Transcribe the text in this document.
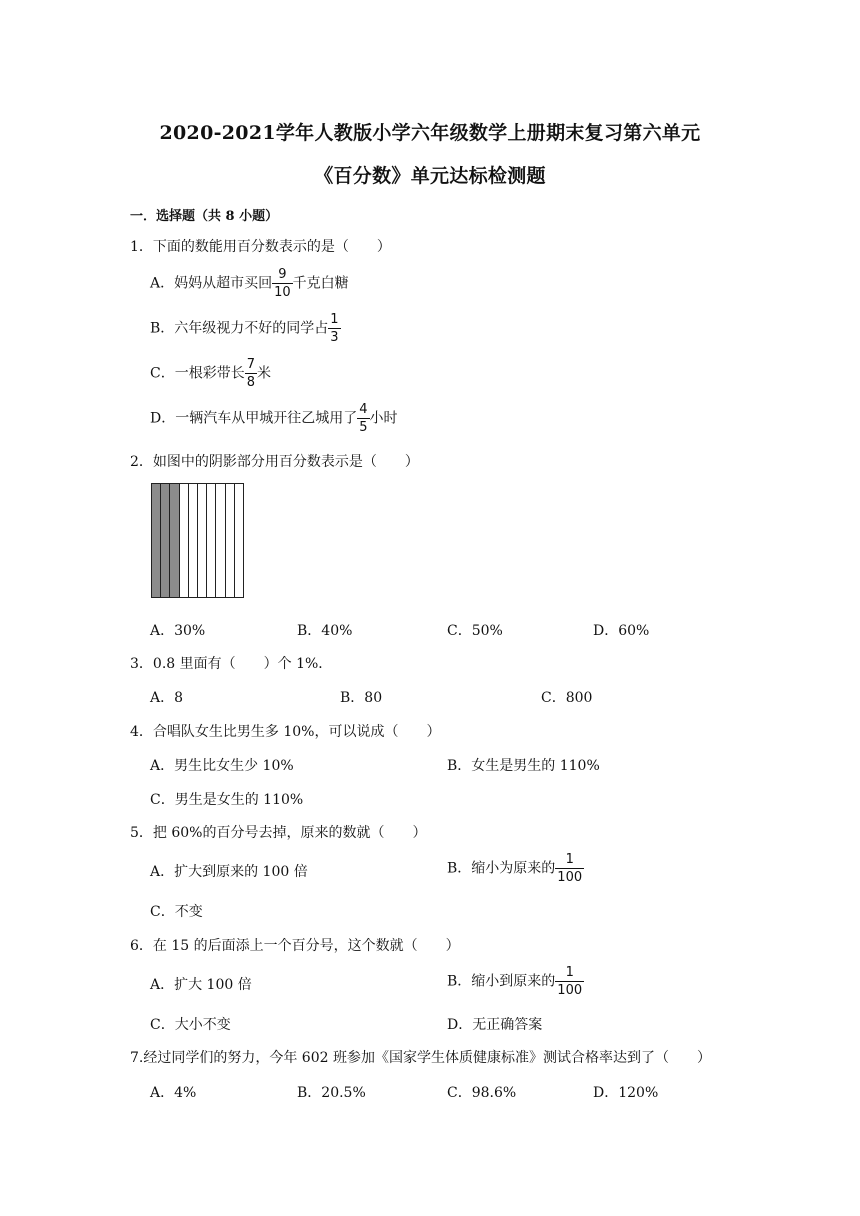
2020-2021学年人教版小学六年级数学上册期末复习第六单元
《百分数》单元达标检测题
一．选择题（共 8 小题）
1．下面的数能用百分数表示的是（　　）
A．妈妈从超市买回 $\frac{9}{10}$ 千克白糖
B．六年级视力不好的同学占 $\frac{1}{3}$
C．一根彩带长 $\frac{7}{8}$ 米
D．一辆汽车从甲城开往乙城用了 $\frac{4}{5}$ 小时
2．如图中的阴影部分用百分数表示是（　　）
A．30%	B．40%	C．50%	D．60%
3．0.8 里面有（　　）个 1%．
A．8	B．80	C．800
4．合唱队女生比男生多 10%，可以说成（　　）
A．男生比女生少 10%	B．女生是男生的 110%
C．男生是女生的 110%
5．把 60%的百分号去掉，原来的数就（　　）
A．扩大到原来的 100 倍	B．缩小为原来的 $\frac{1}{100}$
C．不变
6．在 15 的后面添上一个百分号，这个数就（　　）
A．扩大 100 倍	B．缩小到原来的 $\frac{1}{100}$
C．大小不变	D．无正确答案
7.经过同学们的努力，今年 602 班参加《国家学生体质健康标准》测试合格率达到了（　　）
A．4%	B．20.5%	C．98.6%	D．120%
